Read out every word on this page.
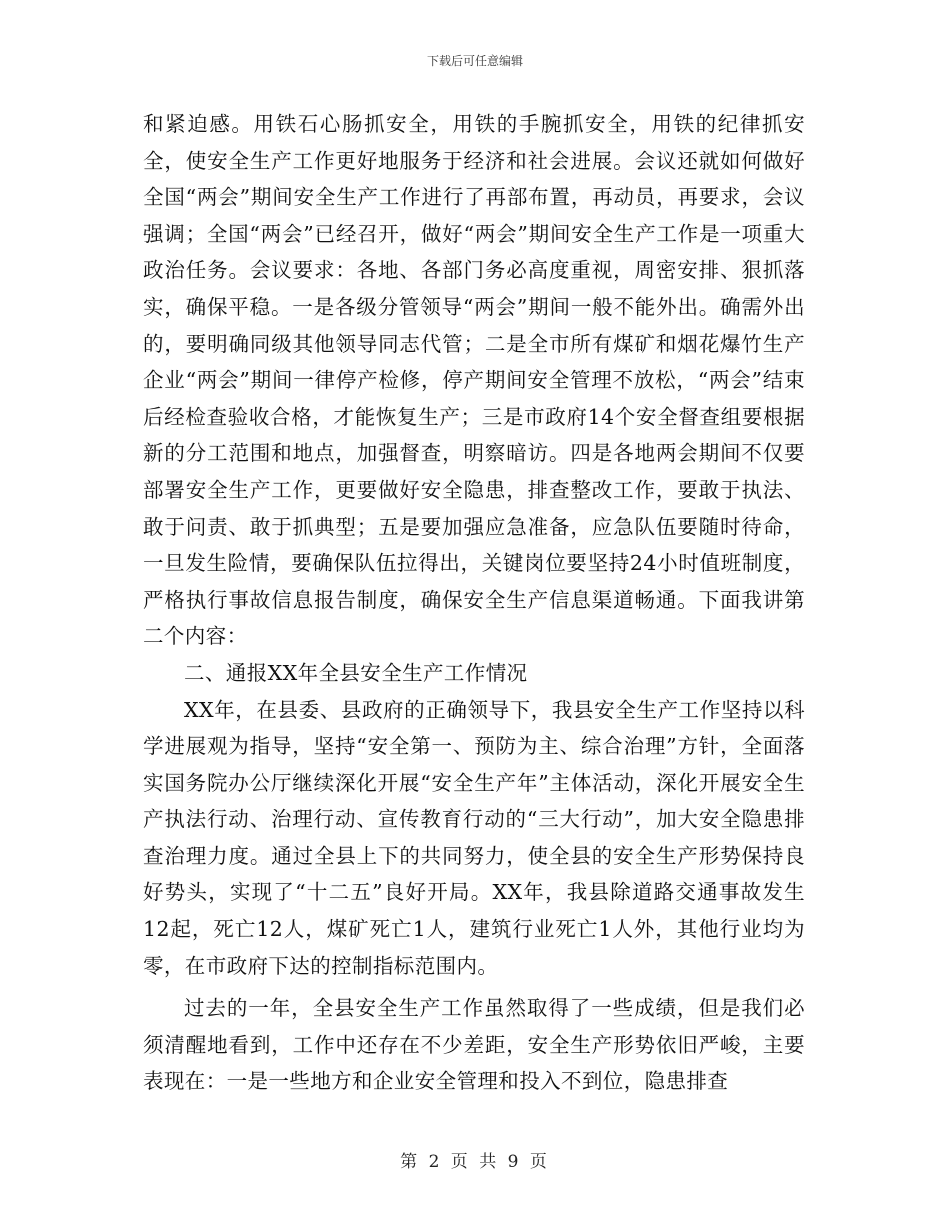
下载后可任意编辑

和紧迫感。用铁石心肠抓安全，用铁的手腕抓安全，用铁的纪律抓安全，使安全生产工作更好地服务于经济和社会进展。会议还就如何做好全国“两会”期间安全生产工作进行了再部布置，再动员，再要求，会议强调；全国“两会”已经召开，做好“两会”期间安全生产工作是一项重大政治任务。会议要求：各地、各部门务必高度重视，周密安排、狠抓落实，确保平稳。一是各级分管领导“两会”期间一般不能外出。确需外出的，要明确同级其他领导同志代管；二是全市所有煤矿和烟花爆竹生产企业“两会”期间一律停产检修，停产期间安全管理不放松，“两会”结束后经检查验收合格，才能恢复生产；三是市政府14个安全督查组要根据新的分工范围和地点，加强督查，明察暗访。四是各地两会期间不仅要部署安全生产工作，更要做好安全隐患，排查整改工作，要敢于执法、敢于问责、敢于抓典型；五是要加强应急准备，应急队伍要随时待命，一旦发生险情，要确保队伍拉得出，关键岗位要坚持24小时值班制度，严格执行事故信息报告制度，确保安全生产信息渠道畅通。下面我讲第二个内容：

二、通报XX年全县安全生产工作情况

XX年，在县委、县政府的正确领导下，我县安全生产工作坚持以科学进展观为指导，坚持“安全第一、预防为主、综合治理”方针，全面落实国务院办公厅继续深化开展“安全生产年”主体活动，深化开展安全生产执法行动、治理行动、宣传教育行动的“三大行动”，加大安全隐患排查治理力度。通过全县上下的共同努力，使全县的安全生产形势保持良好势头，实现了“十二五”良好开局。XX年，我县除道路交通事故发生12起，死亡12人，煤矿死亡1人，建筑行业死亡1人外，其他行业均为零，在市政府下达的控制指标范围内。

过去的一年，全县安全生产工作虽然取得了一些成绩，但是我们必须清醒地看到，工作中还存在不少差距，安全生产形势依旧严峻，主要表现在：一是一些地方和企业安全管理和投入不到位，隐患排查

第 2 页 共 9 页
